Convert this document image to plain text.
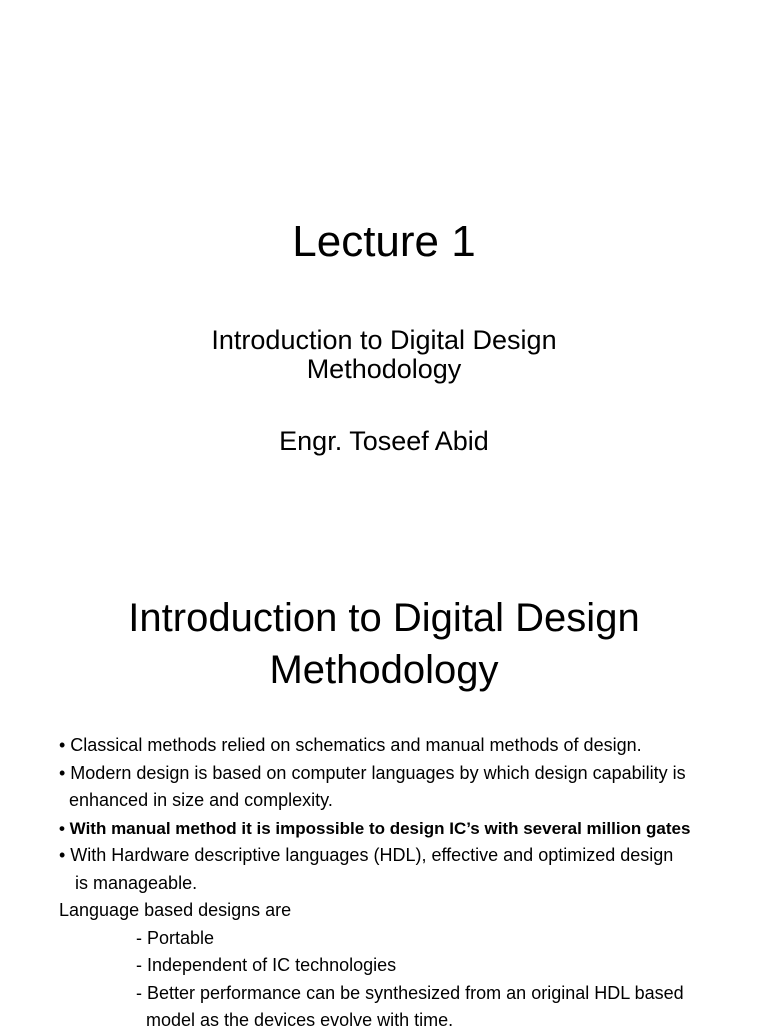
Lecture 1
Introduction to Digital Design
Methodology
Engr. Toseef Abid
Introduction to Digital Design
Methodology
• Classical methods relied on schematics and manual methods of design.
• Modern design is based on computer languages by which design capability is
enhanced in size and complexity.
• With manual method it is impossible to design IC’s with several million gates
• With Hardware descriptive languages (HDL), effective and optimized design
is manageable.
Language based designs are
- Portable
- Independent of IC technologies
- Better performance can be synthesized from an original HDL based
model as the devices evolve with time.
